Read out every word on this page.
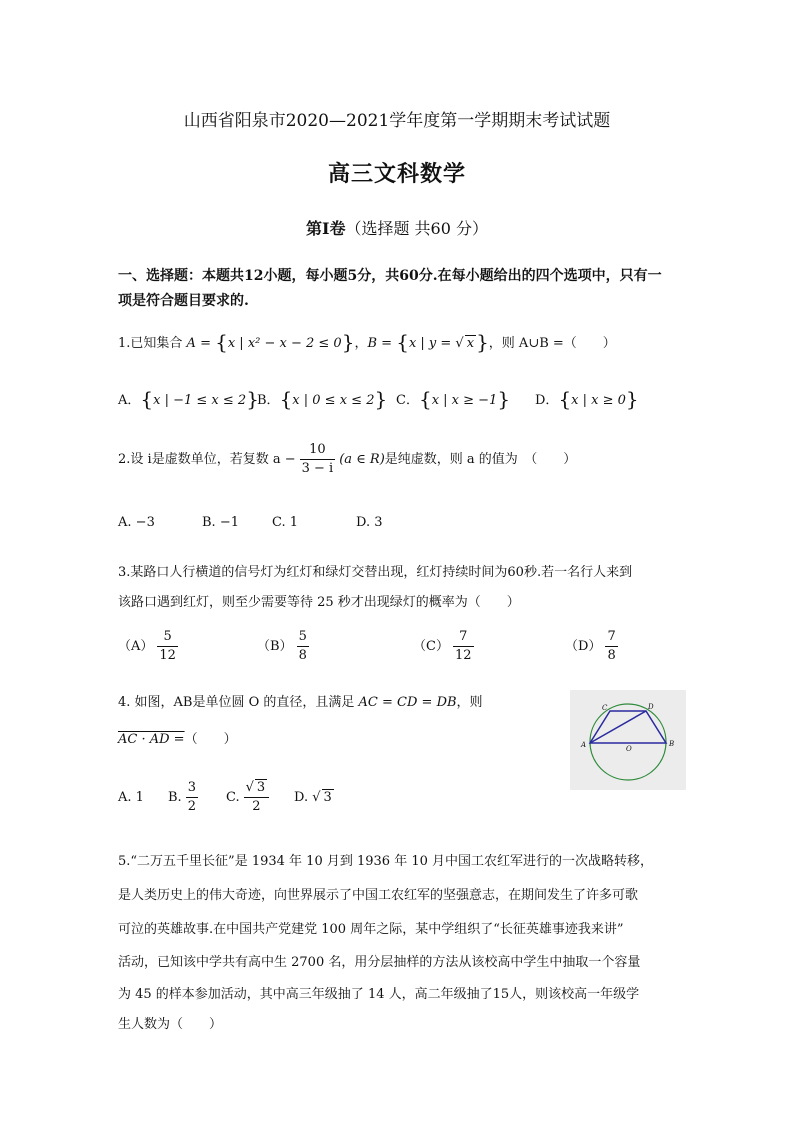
山西省阳泉市2020—2021学年度第一学期期末考试试题
高三文科数学
第Ⅰ卷（选择题 共60 分）
一、选择题：本题共12小题，每小题5分，共60分.在每小题给出的四个选项中，只有一
项是符合题目要求的.
1.已知集合 A = {x | x² − x − 2 ≤ 0}，B = {x | y = √ x }，则 A∪B =（　　）
A．{x | −1 ≤ x ≤ 2}
B．{x | 0 ≤ x ≤ 2} C．{x | x ≥ −1} D．{x | x ≥ 0}
2.设 i是虚数单位，若复数 $a - \frac{10}{3 - i} (a$ ∈ R)是纯虚数，则 a 的值为　（　　）
A. −3	B. −1	C. 1	D. 3
3.某路口人行横道的信号灯为红灯和绿灯交替出现，红灯持续时间为60秒.若一名行人来到
该路口遇到红灯，则至少需要等待 25 秒才出现绿灯的概率为（　　）
$(A) \frac{5}{12}$	$(B) \frac{5}{8}$	$(C) \frac{7}{12}$	$(D) \frac{7}{8}$
4. 如图，AB是单位圆 O 的直径，且满足 AC = CD = DB，则
AC · AD =（　　）
A. 1 B. $\frac{3}{2} C$. $\frac{√ 3}{2} D$. √ 3
A	B
C	D
O
5.“二万五千里长征”是 1934 年 10 月到 1936 年 10 月中国工农红军进行的一次战略转移，
是人类历史上的伟大奇迹，向世界展示了中国工农红军的坚强意志，在期间发生了许多可歌
可泣的英雄故事.在中国共产党建党 100 周年之际，某中学组织了“长征英雄事迹我来讲”
活动，已知该中学共有高中生 2700 名，用分层抽样的方法从该校高中学生中抽取一个容量
为 45 的样本参加活动，其中高三年级抽了 14 人，高二年级抽了15人，则该校高一年级学
生人数为（　　）
